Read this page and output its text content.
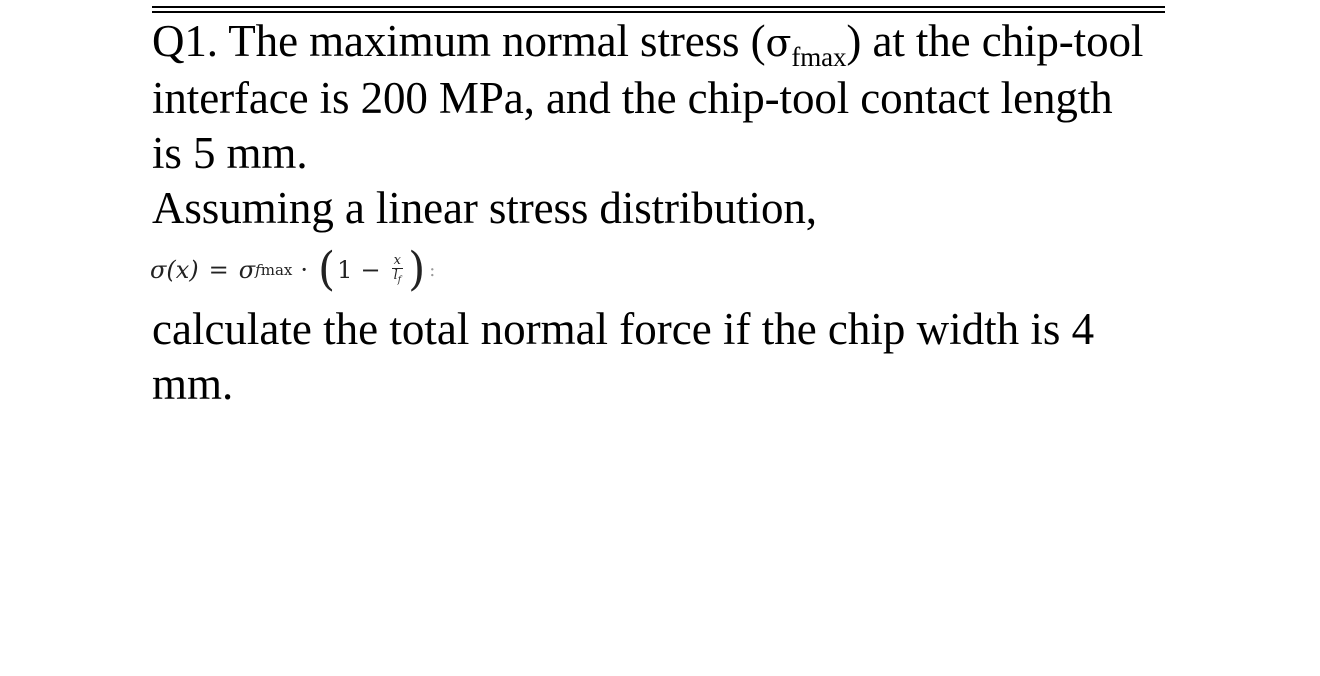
Q1. The maximum normal stress $(\sigma_{fmax})$ at the chip-tool
interface is 200 MPa, and the chip-tool contact length
is 5 mm.
Assuming a linear stress distribution,
σ (x) = σ fmax · ( $1 - \frac{x}{l_f}$ ) :
calculate the total normal force if the chip width is 4
mm.
